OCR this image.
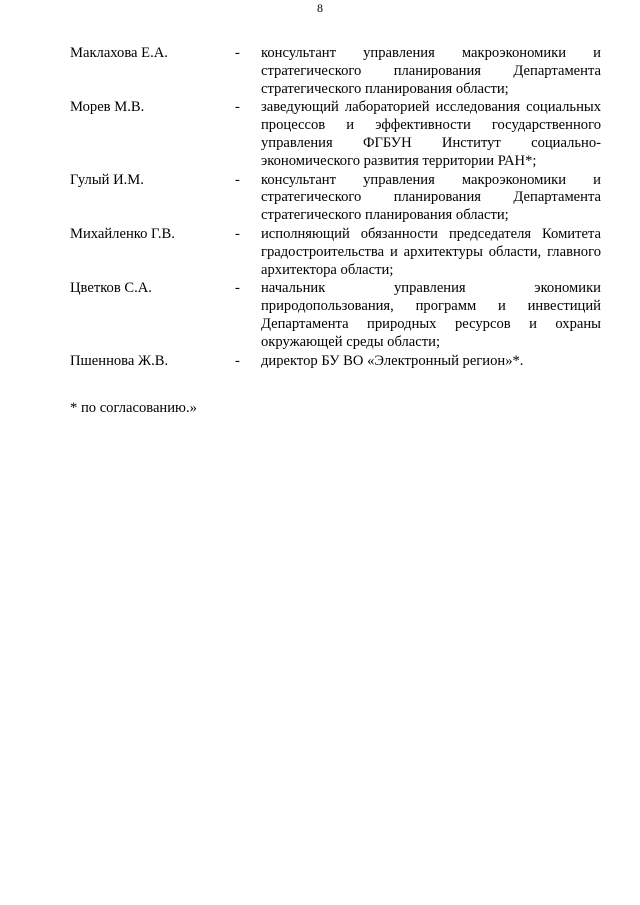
8
Маклахова Е.А.	-	консультант управления макроэкономики и стратегического планирования Департамента стратегического планирования области;
Морев М.В.	-	заведующий лабораторией исследования социальных процессов и эффективности государственного управления ФГБУН Институт социально-экономического развития территории РАН*;
Гулый И.М.	-	консультант управления макроэкономики и стратегического планирования Департамента стратегического планирования области;
Михайленко Г.В.	-	исполняющий обязанности председателя Комитета градостроительства и архитектуры области, главного архитектора области;
Цветков С.А.	-	начальник управления экономики природопользования, программ и инвестиций Департамента природных ресурсов и охраны окружающей среды области;
Пшеннова Ж.В.	-	директор БУ ВО «Электронный регион»*.
* по согласованию.»
